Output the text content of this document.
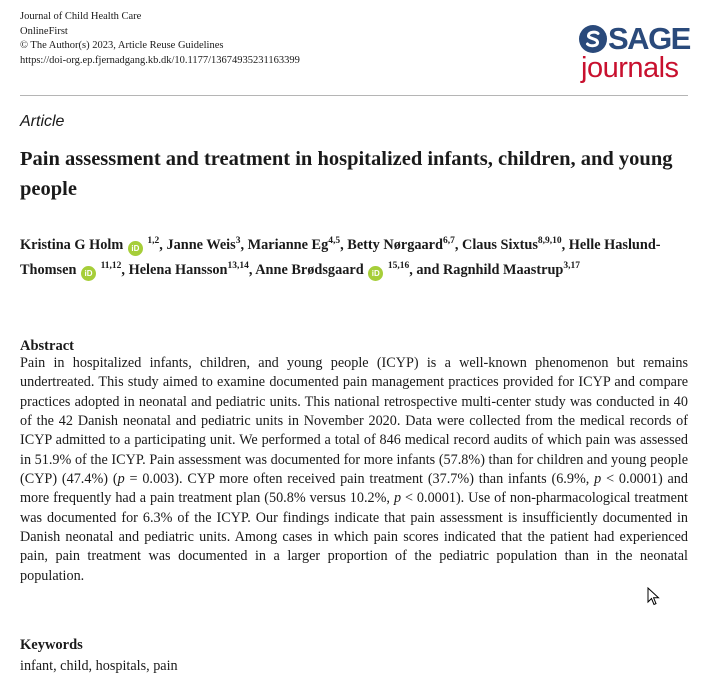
Journal of Child Health Care
OnlineFirst
© The Author(s) 2023, Article Reuse Guidelines
https://doi-org.ep.fjernadgang.kb.dk/10.1177/13674935231163399
SAGE
journals
Article
Pain assessment and treatment in hospitalized infants, children, and young people
Kristina G Holm iD $^{1,2}$, Janne Weis$^3$, Marianne Eg$^{4,5}$, Betty Nørgaard$^{6,7}$, Claus Sixtus$^{8,9,10}$, Helle Haslund-Thomsen iD $^{11,12}$, Helena Hansson$^{13,14}$, Anne Brødsgaard iD $^{15,16}$, and Ragnhild Maastrup$^{3,17}$
Abstract
Pain in hospitalized infants, children, and young people (ICYP) is a well-known phenomenon but remains undertreated. This study aimed to examine documented pain management practices provided for ICYP and compare practices adopted in neonatal and pediatric units. This national retrospective multi-center study was conducted in 40 of the 42 Danish neonatal and pediatric units in November 2020. Data were collected from the medical records of ICYP admitted to a participating unit. We performed a total of 846 medical record audits of which pain was assessed in 51.9% of the ICYP. Pain assessment was documented for more infants (57.8%) than for children and young people (CYP) (47.4%) (p = 0.003). CYP more often received pain treatment (37.7%) than infants (6.9%, p < 0.0001) and more frequently had a pain treatment plan (50.8% versus 10.2%, p < 0.0001). Use of non-pharmacological treatment was documented for 6.3% of the ICYP. Our findings indicate that pain assessment is insufficiently documented in Danish neonatal and pediatric units. Among cases in which pain scores indicated that the patient had experienced pain, pain treatment was documented in a larger proportion of the pediatric population than in the neonatal population.
Keywords
infant, child, hospitals, pain
